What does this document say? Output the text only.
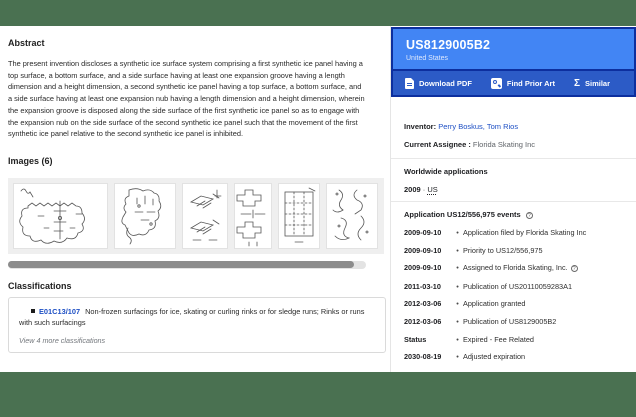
Abstract

The present invention discloses a synthetic ice surface system comprising a first synthetic ice panel having a top surface, a bottom surface, and a side surface having at least one expansion groove having a length dimension and a height dimension, a second synthetic ice panel having a top surface, a bottom surface, and a side surface having at least one expansion nub having a length dimension and a height dimension, wherein the expansion groove is disposed along the side surface of the first synthetic ice panel so as to engage with the expansion nub on the side surface of the second synthetic ice panel such that the movement of the first synthetic ice panel relative to the second synthetic ice panel is inhibited.

Images (6)
Classifications
E01C13/107 Non-frozen surfacings for ice, skating or curling rinks or for sledge runs; Rinks or runs with such surfacings
View 4 more classifications
US8129005B2
United States
Download PDF	Find Prior Art Σ Similar
Inventor: Perry Boskus, Tom Rios
Current Assignee : Florida Skating Inc
Worldwide applications
2009 · US
Application US12/556,975 events ?
2009-09-10	• Application filed by Florida Skating Inc
2009-09-10	• Priority to US12/556,975
2009-09-10	• Assigned to Florida Skating, Inc. ?
2011-03-10	• Publication of US20110059283A1
2012-03-06	• Application granted
2012-03-06	• Publication of US8129005B2
Status	• Expired - Fee Related
2030-08-19	• Adjusted expiration
